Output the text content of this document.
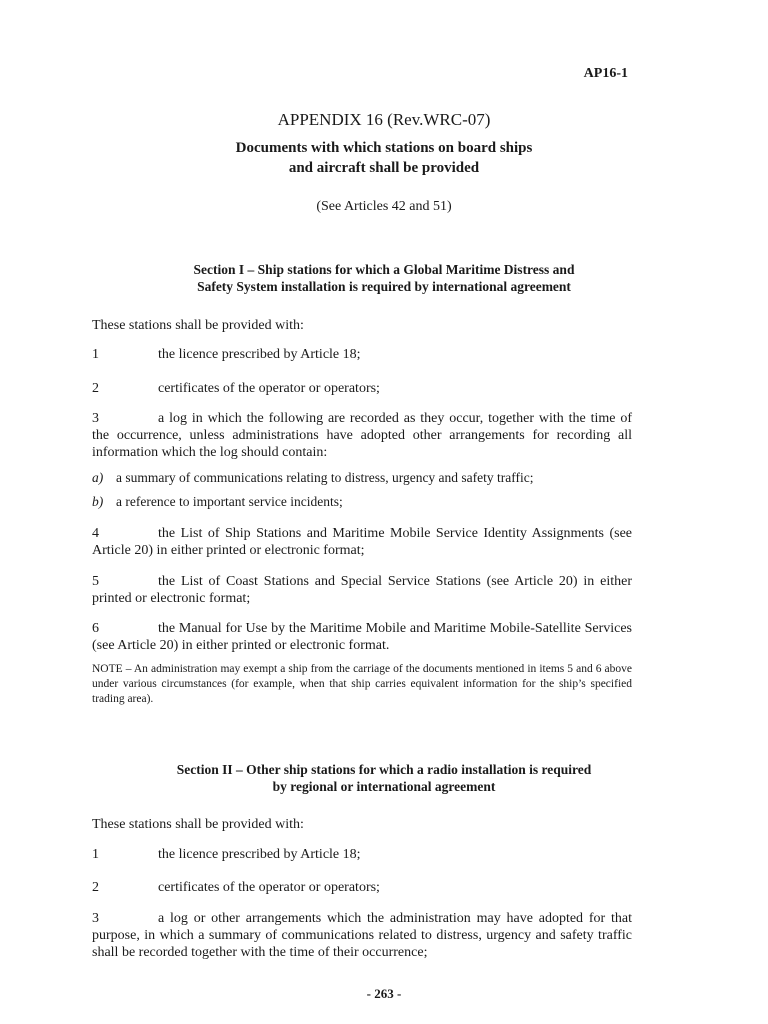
AP16-1
APPENDIX 16 (Rev.WRC-07)
Documents with which stations on board ships
and aircraft shall be provided
(See Articles 42 and 51)
Section I – Ship stations for which a Global Maritime Distress and
Safety System installation is required by international agreement
These stations shall be provided with:
1	the licence prescribed by Article 18;
2	certificates of the operator or operators;
3	a log in which the following are recorded as they occur, together with the time of the occurrence, unless administrations have adopted other arrangements for recording all information which the log should contain:
a) a summary of communications relating to distress, urgency and safety traffic;
b) a reference to important service incidents;
4	the List of Ship Stations and Maritime Mobile Service Identity Assignments (see Article 20) in either printed or electronic format;
5	the List of Coast Stations and Special Service Stations (see Article 20) in either printed or electronic format;
6	the Manual for Use by the Maritime Mobile and Maritime Mobile-Satellite Services (see Article 20) in either printed or electronic format.
NOTE – An administration may exempt a ship from the carriage of the documents mentioned in items 5 and 6 above under various circumstances (for example, when that ship carries equivalent information for the ship’s specified trading area).
Section II – Other ship stations for which a radio installation is required
by regional or international agreement
These stations shall be provided with:
1	the licence prescribed by Article 18;
2	certificates of the operator or operators;
3	a log or other arrangements which the administration may have adopted for that purpose, in which a summary of communications related to distress, urgency and safety traffic shall be recorded together with the time of their occurrence;
- 263 -
